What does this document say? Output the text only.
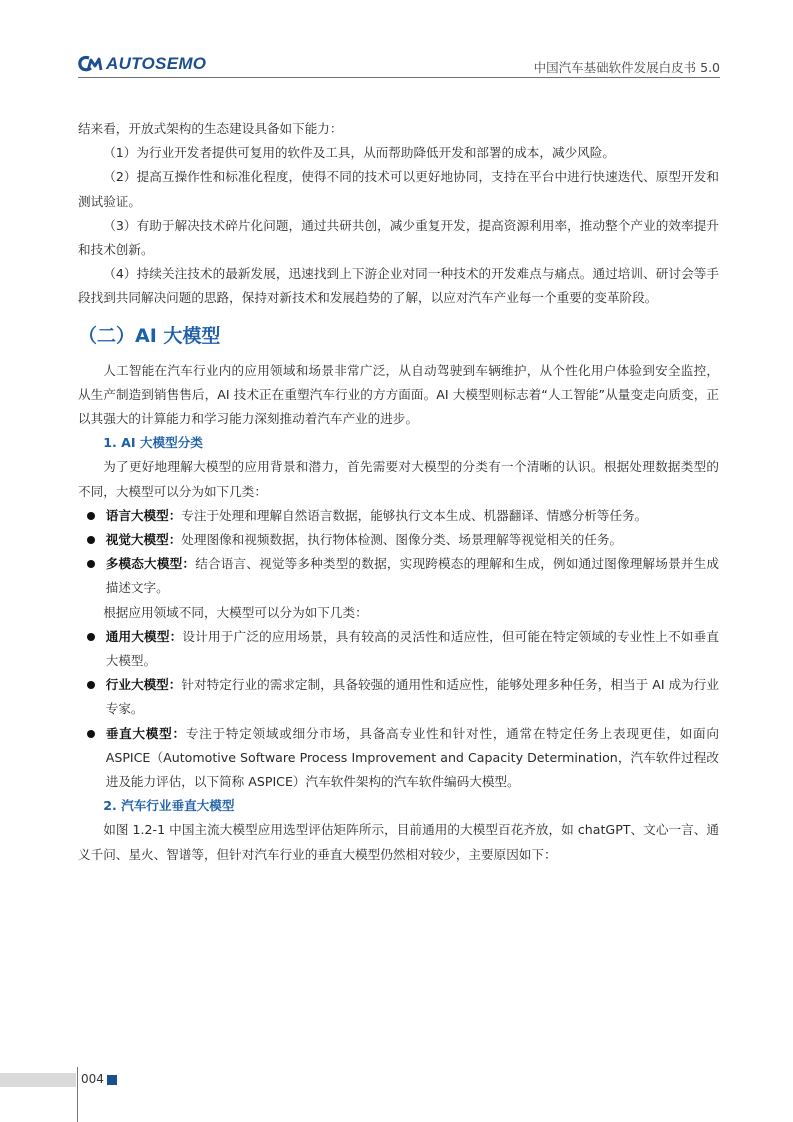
AUTOSEMO	中国汽车基础软件发展白皮书 5.0

结来看，开放式架构的生态建设具备如下能力：

（1）为行业开发者提供可复用的软件及工具，从而帮助降低开发和部署的成本，减少风险。

（2）提高互操作性和标准化程度，使得不同的技术可以更好地协同，支持在平台中进行快速迭代、原型开发和测试验证。

（3）有助于解决技术碎片化问题，通过共研共创，减少重复开发，提高资源利用率，推动整个产业的效率提升和技术创新。

（4）持续关注技术的最新发展，迅速找到上下游企业对同一种技术的开发难点与痛点。通过培训、研讨会等手段找到共同解决问题的思路，保持对新技术和发展趋势的了解，以应对汽车产业每一个重要的变革阶段。

（二）AI 大模型

人工智能在汽车行业内的应用领域和场景非常广泛，从自动驾驶到车辆维护，从个性化用户体验到安全监控，从生产制造到销售售后，AI 技术正在重塑汽车行业的方方面面。AI 大模型则标志着“人工智能”从量变走向质变，正以其强大的计算能力和学习能力深刻推动着汽车产业的进步。

1. AI 大模型分类

为了更好地理解大模型的应用背景和潜力，首先需要对大模型的分类有一个清晰的认识。根据处理数据类型的不同，大模型可以分为如下几类：

语言大模型：专注于处理和理解自然语言数据，能够执行文本生成、机器翻译、情感分析等任务。

视觉大模型：处理图像和视频数据，执行物体检测、图像分类、场景理解等视觉相关的任务。

多模态大模型：结合语言、视觉等多种类型的数据，实现跨模态的理解和生成，例如通过图像理解场景并生成描述文字。

根据应用领域不同，大模型可以分为如下几类：

通用大模型：设计用于广泛的应用场景，具有较高的灵活性和适应性，但可能在特定领域的专业性上不如垂直大模型。

行业大模型：针对特定行业的需求定制，具备较强的通用性和适应性，能够处理多种任务，相当于 AI 成为行业专家。

垂直大模型：专注于特定领域或细分市场，具备高专业性和针对性，通常在特定任务上表现更佳，如面向 ASPICE（Automotive Software Process Improvement and Capacity Determination，汽车软件过程改进及能力评估，以下简称 ASPICE）汽车软件架构的汽车软件编码大模型。

2. 汽车行业垂直大模型

如图 1.2-1 中国主流大模型应用选型评估矩阵所示，目前通用的大模型百花齐放，如 chatGPT、文心一言、通义千问、星火、智谱等，但针对汽车行业的垂直大模型仍然相对较少，主要原因如下：

004
